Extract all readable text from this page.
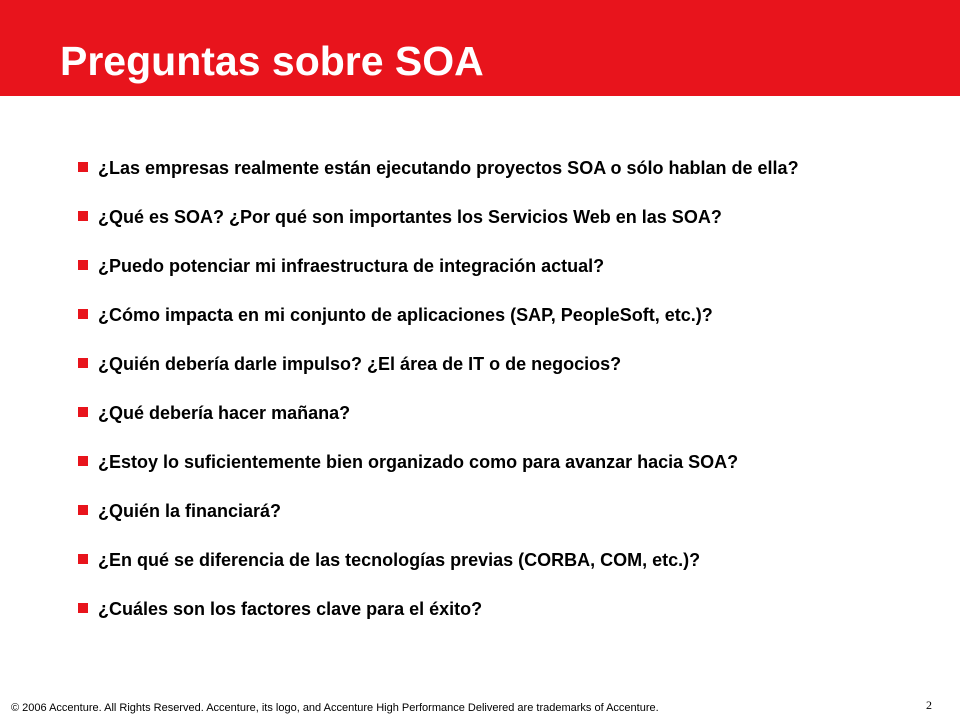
Preguntas sobre SOA
¿Las empresas realmente están ejecutando proyectos SOA o sólo hablan de ella?
¿Qué es SOA? ¿Por qué son importantes los Servicios Web en las SOA?
¿Puedo potenciar mi infraestructura de integración actual?
¿Cómo impacta en mi conjunto de aplicaciones (SAP, PeopleSoft, etc.)?
¿Quién debería darle impulso? ¿El área de IT o de negocios?
¿Qué debería hacer mañana?
¿Estoy lo suficientemente bien organizado como para avanzar hacia SOA?
¿Quién la financiará?
¿En qué se diferencia de las tecnologías previas (CORBA, COM, etc.)?
¿Cuáles son los factores clave para el éxito?
© 2006 Accenture. All Rights Reserved. Accenture, its logo, and Accenture High Performance Delivered are trademarks of Accenture.	2
